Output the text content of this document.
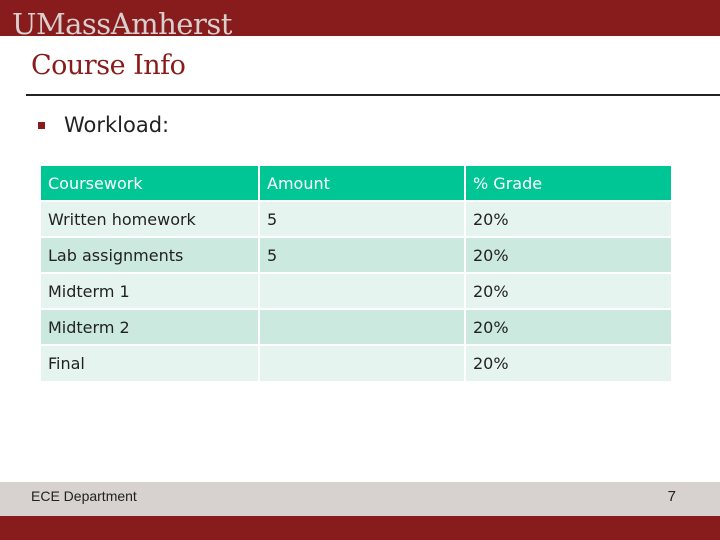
UMassAmherst
Course Info
Workload:
Coursework	Amount	% Grade
Written homework	5	20%
Lab assignments	5	20%
Midterm 1		20%
Midterm 2		20%
Final		20%
ECE Department	7
